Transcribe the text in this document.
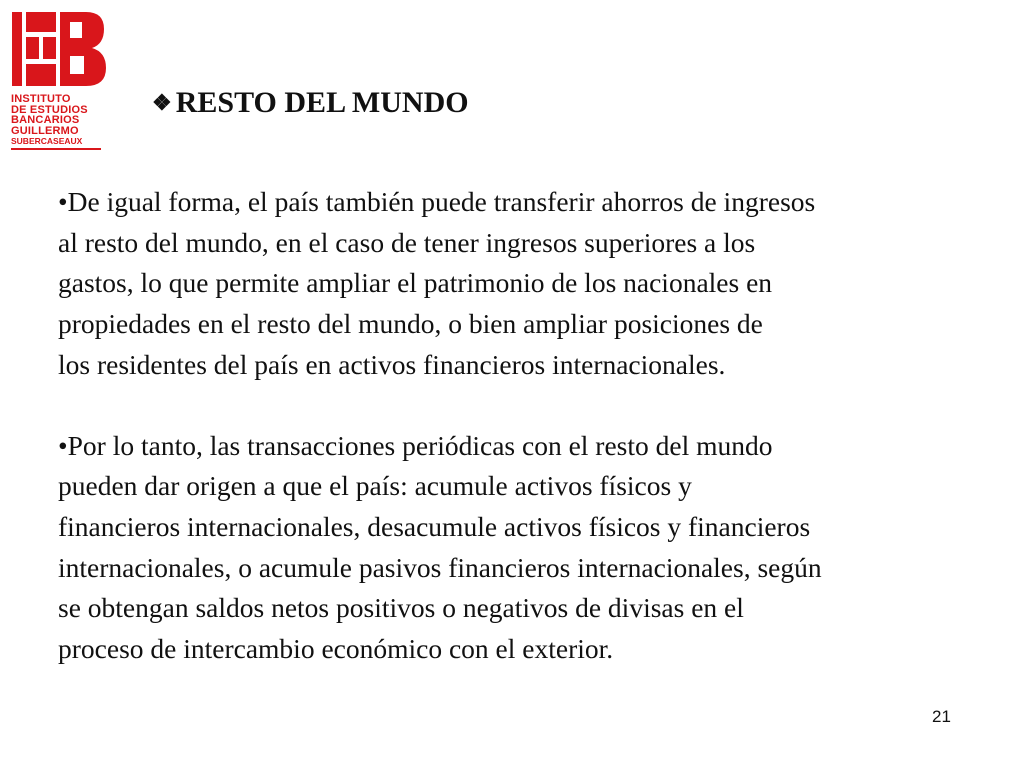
INSTITUTO
DE ESTUDIOS
BANCARIOS
GUILLERMO
SUBERCASEAUX
❖ RESTO DEL MUNDO

•De igual forma, el país también puede transferir ahorros de ingresos
al resto del mundo, en el caso de tener ingresos superiores a los
gastos, lo que permite ampliar el patrimonio de los nacionales en
propiedades en el resto del mundo, o bien ampliar posiciones de
los residentes del país en activos financieros internacionales.

•Por lo tanto, las transacciones periódicas con el resto del mundo
pueden dar origen a que el país: acumule activos físicos y
financieros internacionales, desacumule activos físicos y financieros
internacionales, o acumule pasivos financieros internacionales, según
se obtengan saldos netos positivos o negativos de divisas en el
proceso de intercambio económico con el exterior.

21
